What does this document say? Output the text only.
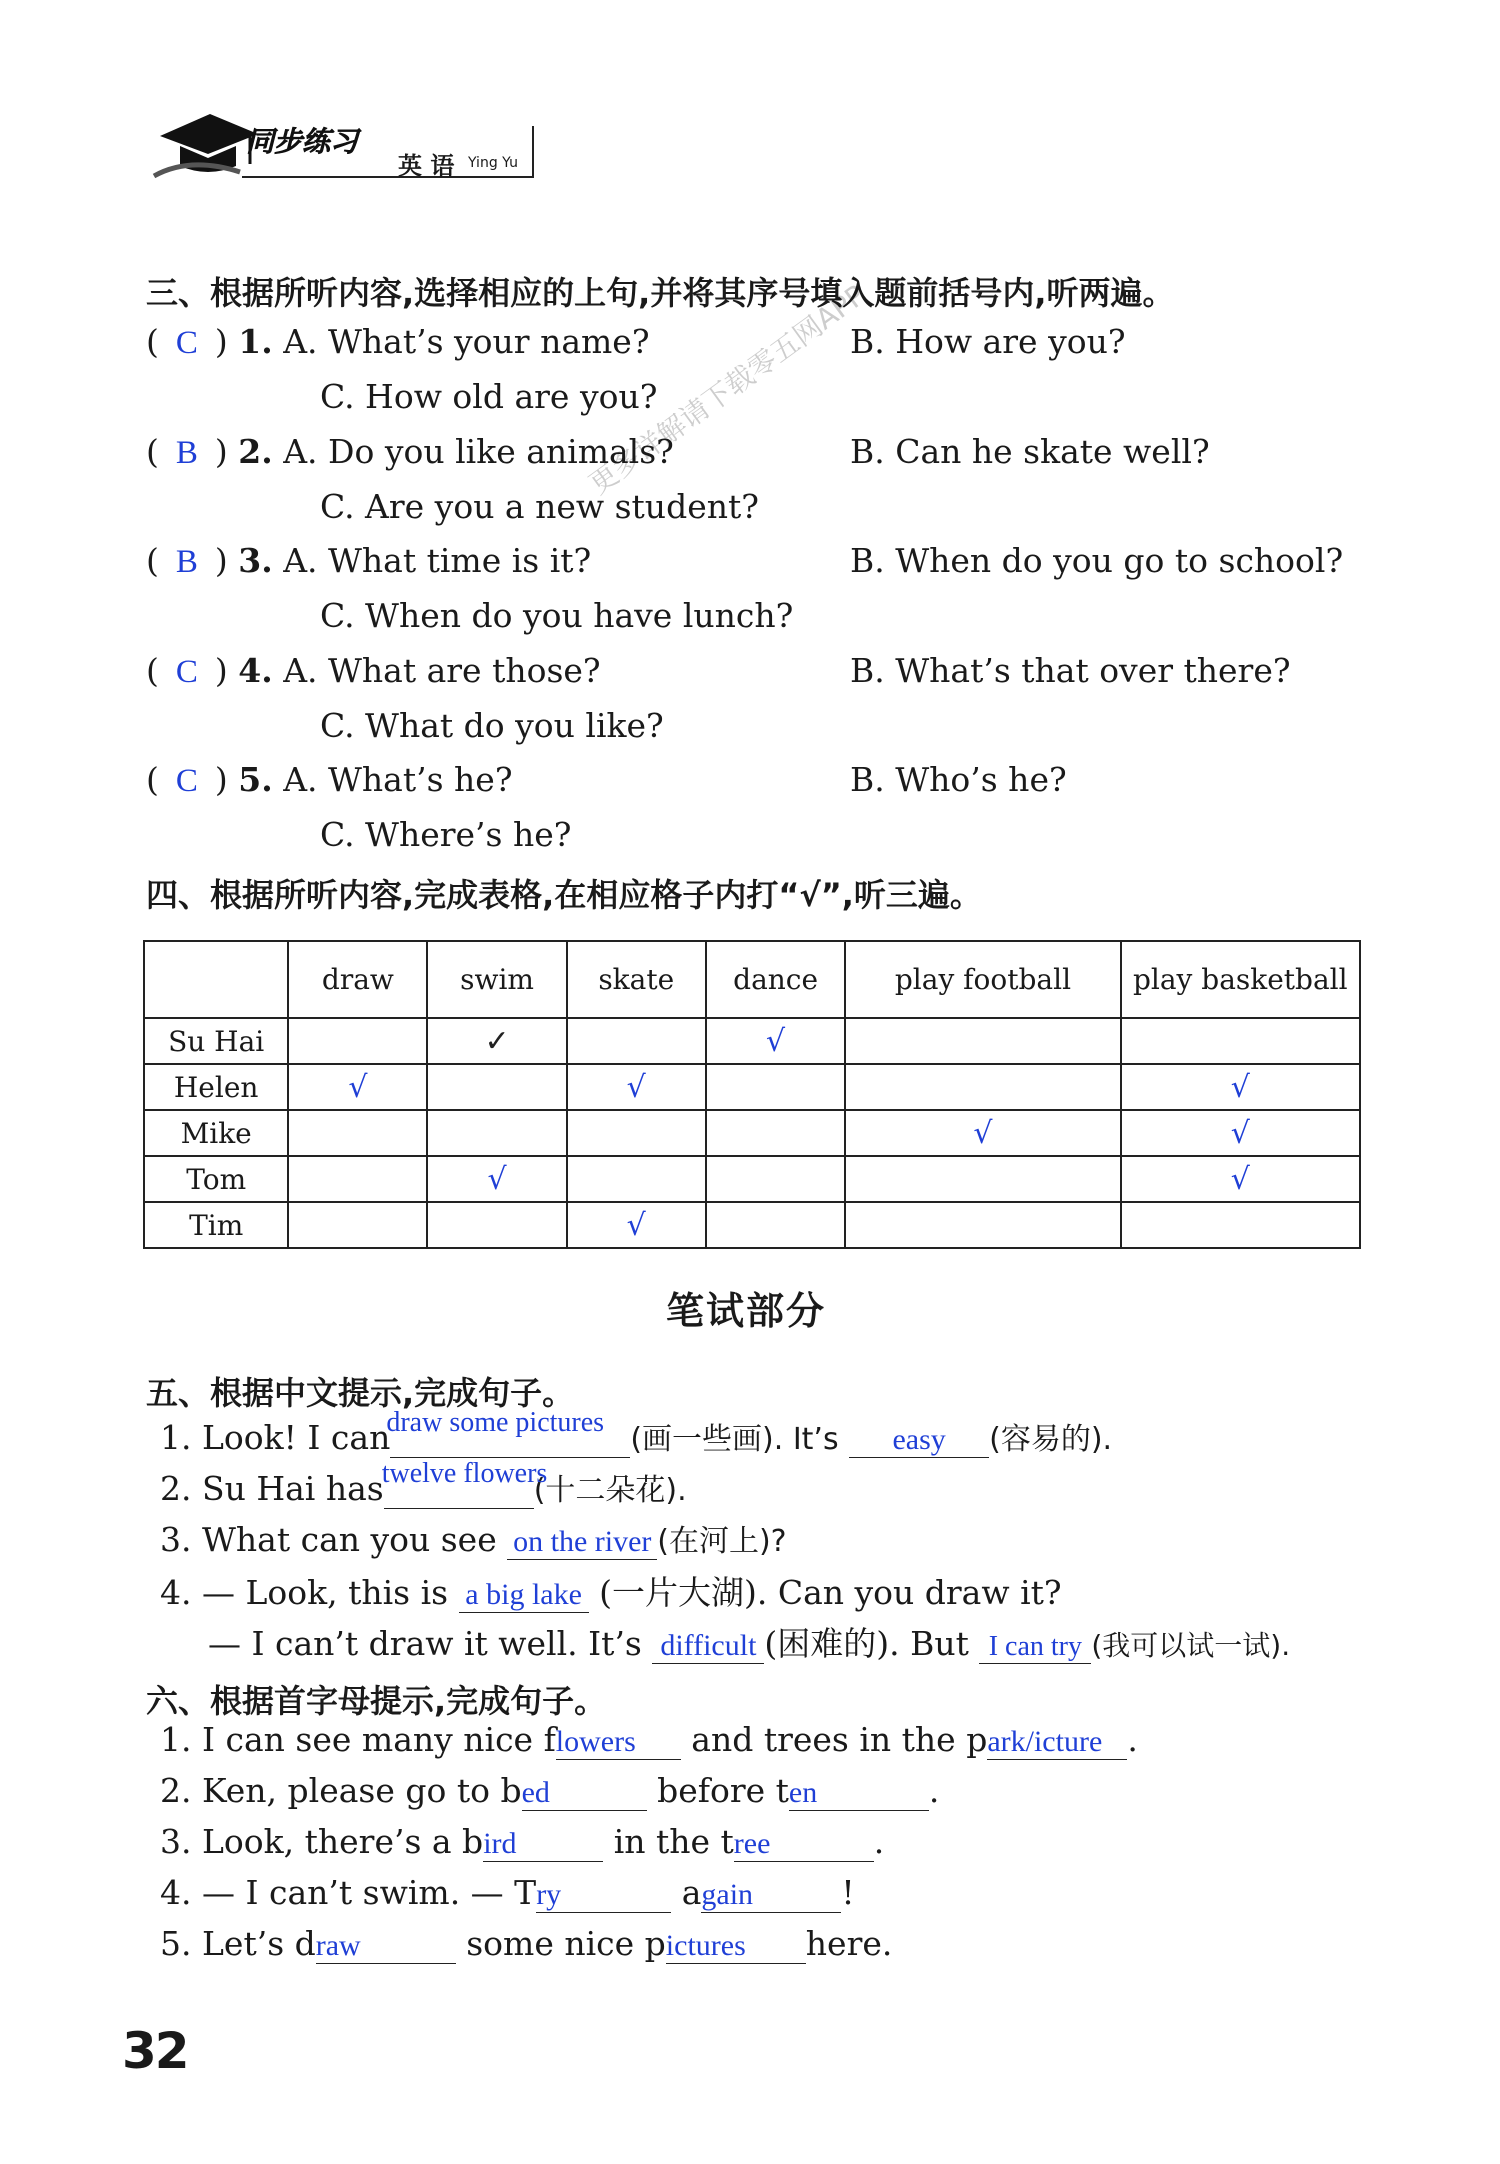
同步练习
英 语 Ying Yu
更多详解请下载零五网APP
三、根据所听内容,选择相应的上句,并将其序号填入题前括号内,听两遍。
( C ) 1. A. What’s your name?	B. How are you?
C. How old are you?
( B ) 2. A. Do you like animals?	B. Can he skate well?
C. Are you a new student?
( B ) 3. A. What time is it?	B. When do you go to school?
C. When do you have lunch?
( C ) 4. A. What are those?	B. What’s that over there?
C. What do you like?
( C ) 5. A. What’s he?	B. Who’s he?
C. Where’s he?
四、根据所听内容,完成表格,在相应格子内打“√”,听三遍。
	draw	swim	skate	dance	play football	play basketball
Su Hai		✓		√		
Helen	√		√			√
Mike					√	√
Tom		√				√
Tim			√			
笔试部分
五、根据中文提示,完成句子。
1. Look! I can
draw some pictures (画一些画). It’s easy (容易的).
2. Su Hai has
twelve flowers
(十二朵花).
3. What can you see on the river (在河上)?
4. — Look, this is a big lake (一片大湖). Can you draw it?
— I can’t draw it well. It’s difficult (困难的). But I can try (我可以试一试).
六、根据首字母提示,完成句子。
1. I can see many nice flowers and trees in the park/icture .
2. Ken, please go to bed	before ten	.
3. Look, there’s a bird	in the tree	.
4. — I can’t swim. — Try	again	!
5. Let’s draw	some nice pictures here.
32
